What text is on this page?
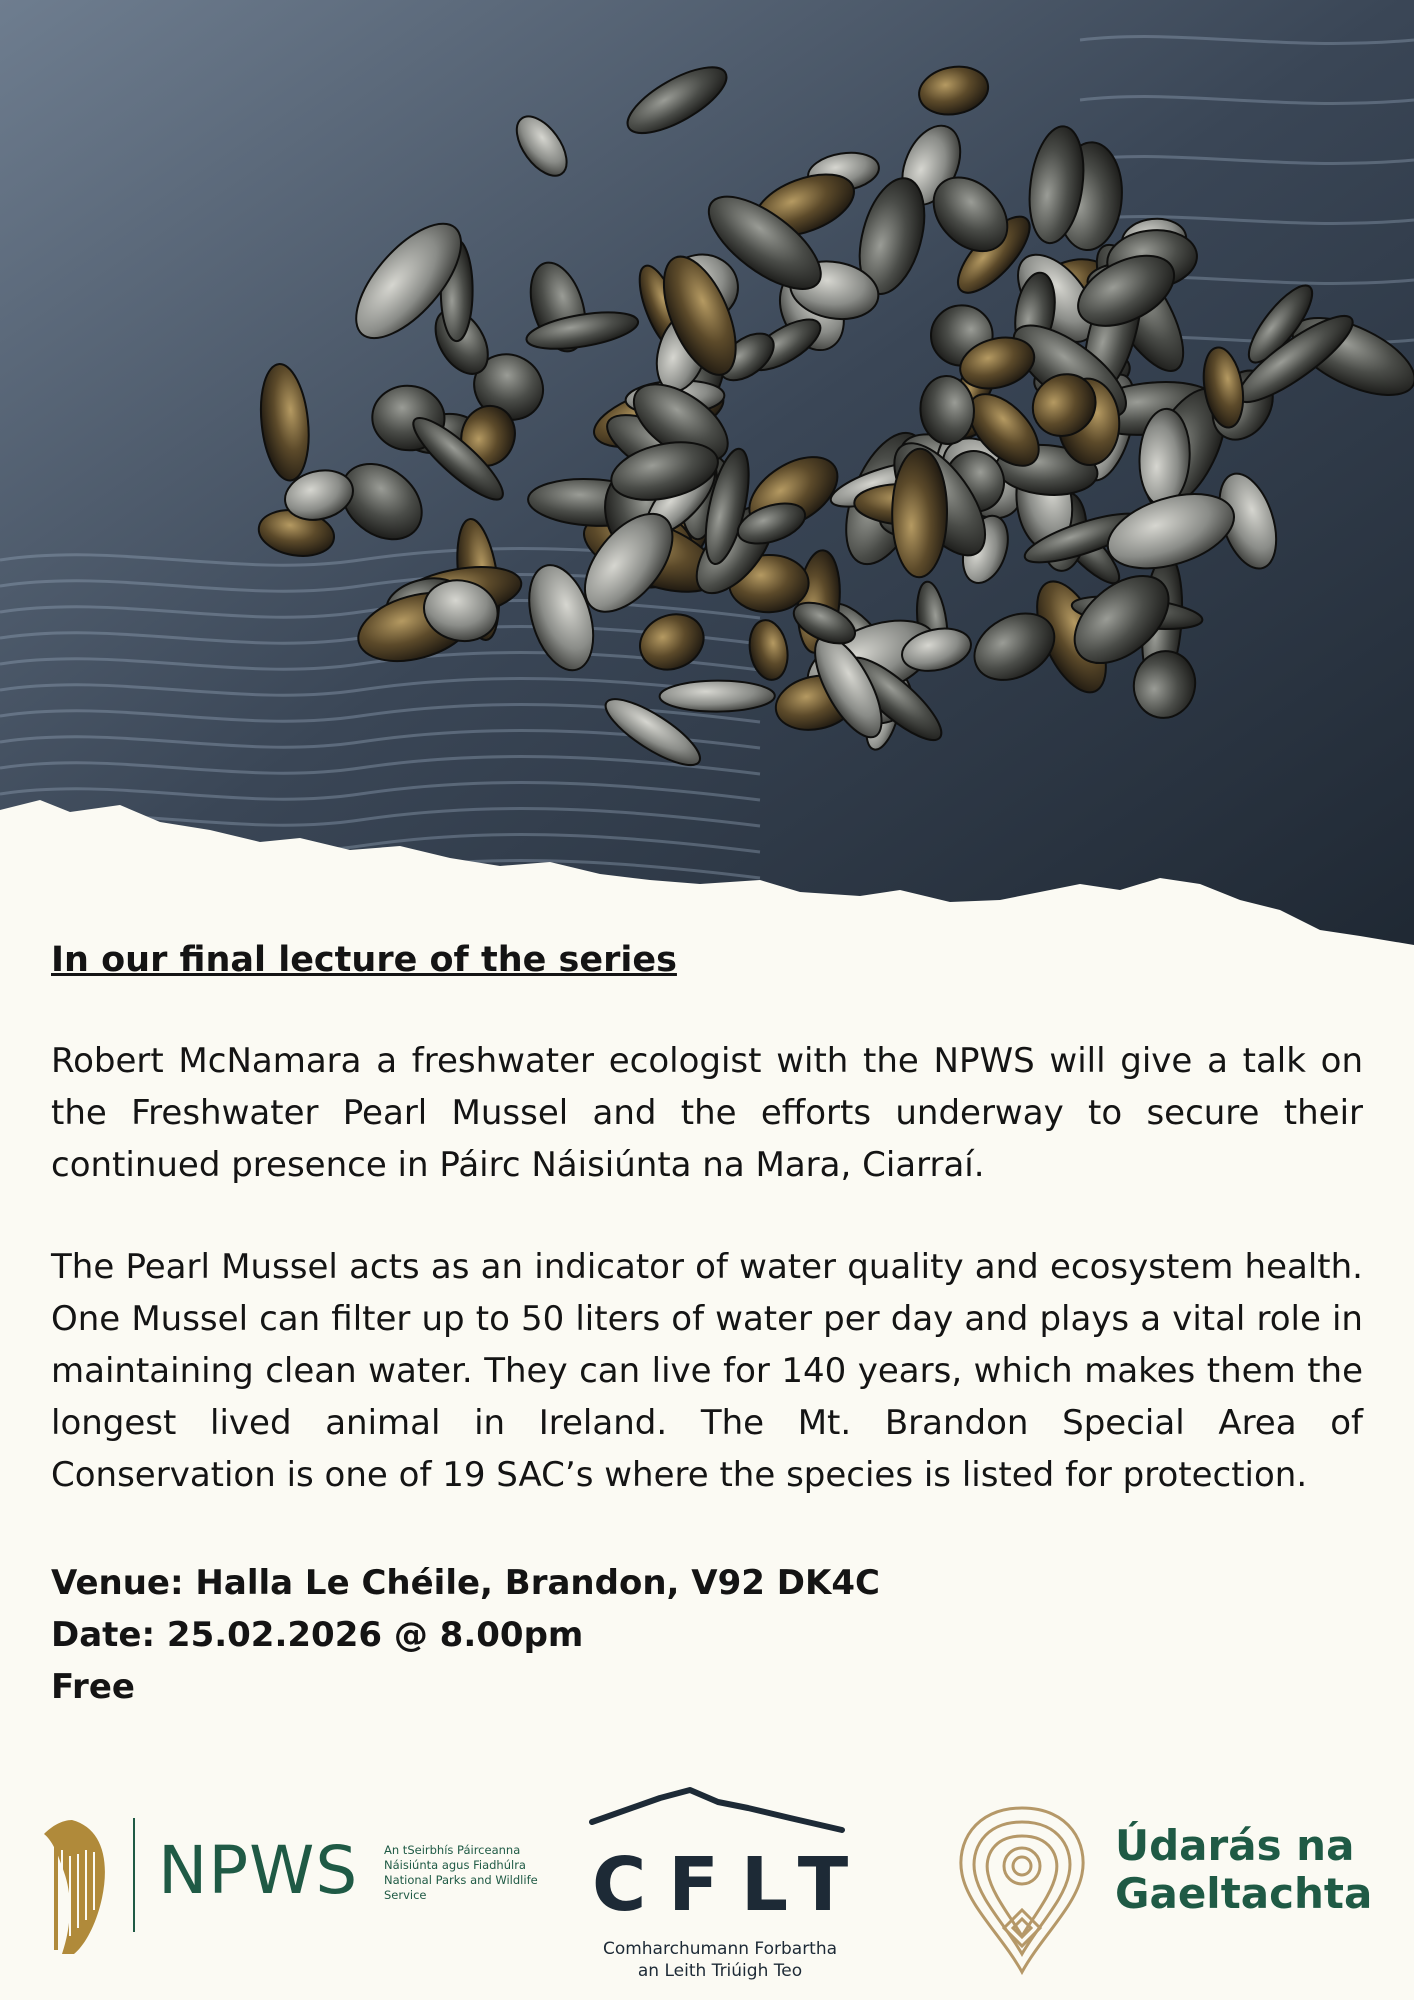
In our final lecture of the series

Robert McNamara a freshwater ecologist with the NPWS will give a talk on the Freshwater Pearl Mussel and the efforts underway to secure their continued presence in Páirc Náisiúnta na Mara, Ciarraí.

The Pearl Mussel acts as an indicator of water quality and ecosystem health. One Mussel can filter up to 50 liters of water per day and plays a vital role in maintaining clean water. They can live for 140 years, which makes them the longest lived animal in Ireland. The Mt. Brandon Special Area of Conservation is one of 19 SAC’s where the species is listed for protection.

Venue: Halla Le Chéile, Brandon, V92 DK4C
Date: 25.02.2026 @ 8.00pm
Free
NPWS An tSeirbhís Páirceanna
Náisiúnta agus Fiadhúlra
National Parks and Wildlife
Service	CFLT
Comharchumann Forbartha
an Leith Triúigh Teo
Údarás na
Gaeltachta
